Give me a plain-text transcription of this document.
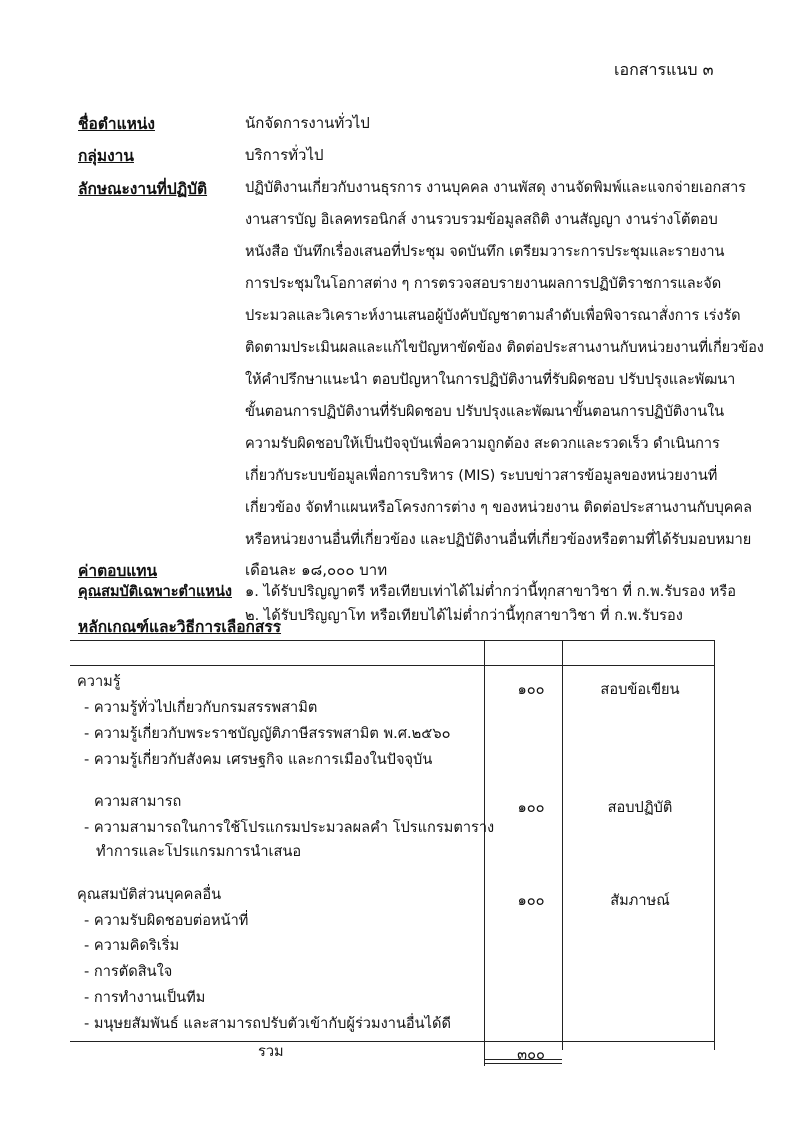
เอกสารแนบ ๓
ชื่อตำแหน่ง	นักจัดการงานทั่วไป
กลุ่มงาน	บริการทั่วไป
ลักษณะงานที่ปฏิบัติ	ปฏิบัติงานเกี่ยวกับงานธุรการ งานบุคคล งานพัสดุ งานจัดพิมพ์และแจกจ่ายเอกสาร
งานสารบัญ อิเลคทรอนิกส์ งานรวบรวมข้อมูลสถิติ งานสัญญา งานร่างโต้ตอบ
หนังสือ บันทึกเรื่องเสนอที่ประชุม จดบันทึก เตรียมวาระการประชุมและรายงาน
การประชุมในโอกาสต่าง ๆ การตรวจสอบรายงานผลการปฏิบัติราชการและจัด
ประมวลและวิเคราะห์งานเสนอผู้บังคับบัญชาตามลำดับเพื่อพิจารณาสั่งการ เร่งรัด
ติดตามประเมินผลและแก้ไขปัญหาขัดข้อง ติดต่อประสานงานกับหน่วยงานที่เกี่ยวข้อง
ให้คำปรึกษาแนะนำ ตอบปัญหาในการปฏิบัติงานที่รับผิดชอบ ปรับปรุงและพัฒนา
ขั้นตอนการปฏิบัติงานที่รับผิดชอบ ปรับปรุงและพัฒนาขั้นตอนการปฏิบัติงานใน
ความรับผิดชอบให้เป็นปัจจุบันเพื่อความถูกต้อง สะดวกและรวดเร็ว ดำเนินการ
เกี่ยวกับระบบข้อมูลเพื่อการบริหาร (MIS) ระบบข่าวสารข้อมูลของหน่วยงานที่
เกี่ยวข้อง จัดทำแผนหรือโครงการต่าง ๆ ของหน่วยงาน ติดต่อประสานงานกับบุคคล
หรือหน่วยงานอื่นที่เกี่ยวข้อง และปฏิบัติงานอื่นที่เกี่ยวข้องหรือตามที่ได้รับมอบหมาย
ค่าตอบแทน	เดือนละ ๑๘,๐๐๐ บาท
คุณสมบัติเฉพาะตำแหน่ง ๑. ได้รับปริญญาตรี หรือเทียบเท่าได้ไม่ต่ำกว่านี้ทุกสาขาวิชา ที่ ก.พ.รับรอง หรือ
๒. ได้รับปริญญาโท หรือเทียบได้ไม่ต่ำกว่านี้ทุกสาขาวิชา ที่ ก.พ.รับรอง
หลักเกณฑ์และวิธีการเลือกสรร
ความรู้
- ความรู้ทั่วไปเกี่ยวกับกรมสรรพสามิต
- ความรู้เกี่ยวกับพระราชบัญญัติภาษีสรรพสามิต พ.ศ.๒๕๖๐
- ความรู้เกี่ยวกับสังคม เศรษฐกิจ และการเมืองในปัจจุบัน
๑๐๐	สอบข้อเขียน
ความสามารถ
- ความสามารถในการใช้โปรแกรมประมวลผลคำ โปรแกรมตาราง
ทำการและโปรแกรมการนำเสนอ
๑๐๐	สอบปฏิบัติ
คุณสมบัติส่วนบุคคลอื่น
- ความรับผิดชอบต่อหน้าที่
- ความคิดริเริ่ม
- การตัดสินใจ
- การทำงานเป็นทีม
- มนุษยสัมพันธ์ และสามารถปรับตัวเข้ากับผู้ร่วมงานอื่นได้ดี
๑๐๐	สัมภาษณ์
รวม	๓๐๐
